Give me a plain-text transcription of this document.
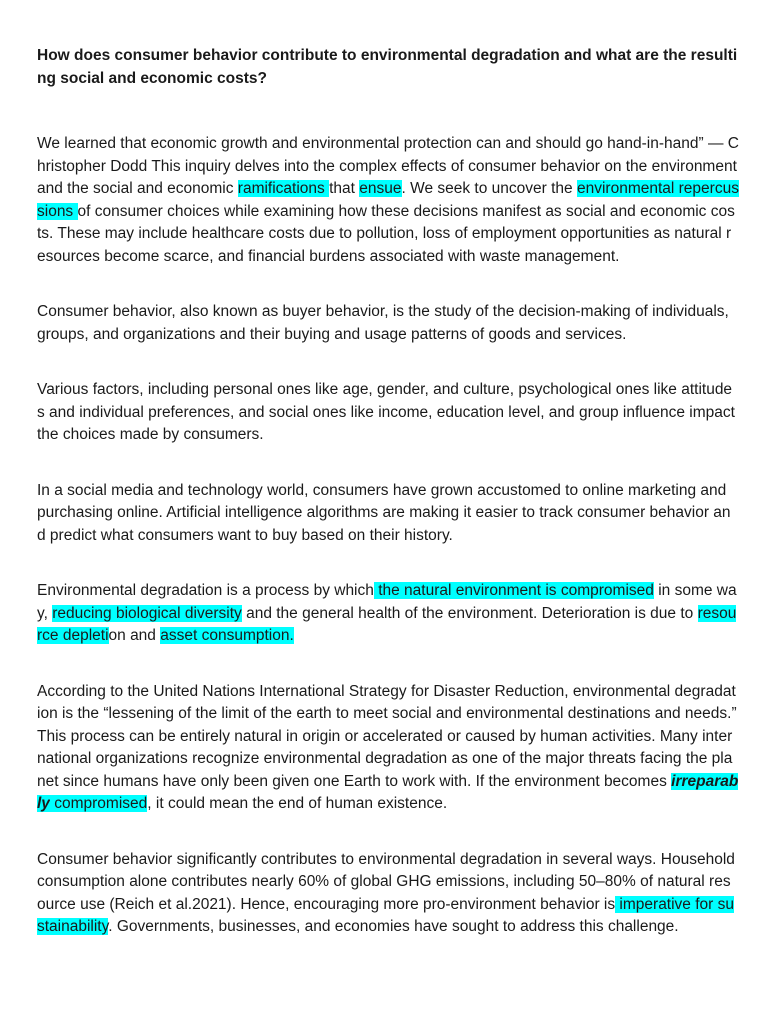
How does consumer behavior contribute to environmental degradation and what are the resulting social and economic costs?

We learned that economic growth and environmental protection can and should go hand-in-hand” — Christopher Dodd This inquiry delves into the complex effects of consumer behavior on the environment and the social and economic ramifications that ensue. We seek to uncover the environmental repercussions of consumer choices while examining how these decisions manifest as social and economic costs. These may include healthcare costs due to pollution, loss of employment opportunities as natural resources become scarce, and financial burdens associated with waste management.

Consumer behavior, also known as buyer behavior, is the study of the decision-making of individuals, groups, and organizations and their buying and usage patterns of goods and services.

Various factors, including personal ones like age, gender, and culture, psychological ones like attitudes and individual preferences, and social ones like income, education level, and group influence impact the choices made by consumers.

In a social media and technology world, consumers have grown accustomed to online marketing and purchasing online. Artificial intelligence algorithms are making it easier to track consumer behavior and predict what consumers want to buy based on their history.

Environmental degradation is a process by which the natural environment is compromised in some way, reducing biological diversity and the general health of the environment. Deterioration is due to resource depletion and asset consumption.

According to the United Nations International Strategy for Disaster Reduction, environmental degradation is the “lessening of the limit of the earth to meet social and environmental destinations and needs.” This process can be entirely natural in origin or accelerated or caused by human activities. Many international organizations recognize environmental degradation as one of the major threats facing the planet since humans have only been given one Earth to work with. If the environment becomes irreparably compromised, it could mean the end of human existence.

Consumer behavior significantly contributes to environmental degradation in several ways. Household consumption alone contributes nearly 60% of global GHG emissions, including 50–80% of natural resource use (Reich et al.2021). Hence, encouraging more pro-environment behavior is imperative for sustainability. Governments, businesses, and economies have sought to address this challenge.
